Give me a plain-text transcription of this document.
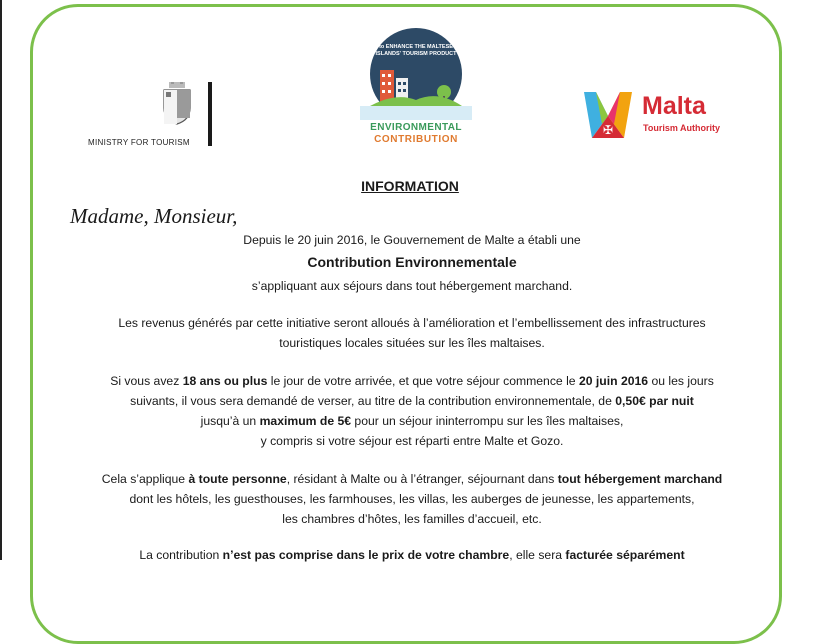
MINISTRY FOR TOURISM
to ENHANCE THE MALTESE ISLANDS' TOURISM PRODUCT
ENVIRONMENTAL
CONTRIBUTION
✠
Malta
Tourism Authority
INFORMATION
Madame, Monsieur,
Depuis le 20 juin 2016, le Gouvernement de Malte a établi une
Contribution Environnementale
s’appliquant aux séjours dans tout hébergement marchand.
Les revenus générés par cette initiative seront alloués à l’amélioration et l’embellissement des infrastructures
touristiques locales situées sur les îles maltaises.
Si vous avez 18 ans ou plus le jour de votre arrivée, et que votre séjour commence le 20 juin 2016 ou les jours
suivants, il vous sera demandé de verser, au titre de la contribution environnementale, de 0,50€ par nuit
jusqu’à un maximum de 5€ pour un séjour ininterrompu sur les îles maltaises,
y compris si votre séjour est réparti entre Malte et Gozo.
Cela s’applique à toute personne, résidant à Malte ou à l’étranger, séjournant dans tout hébergement marchand
dont les hôtels, les guesthouses, les farmhouses, les villas, les auberges de jeunesse, les appartements,
les chambres d’hôtes, les familles d’accueil, etc.
La contribution n’est pas comprise dans le prix de votre chambre, elle sera facturée séparément
